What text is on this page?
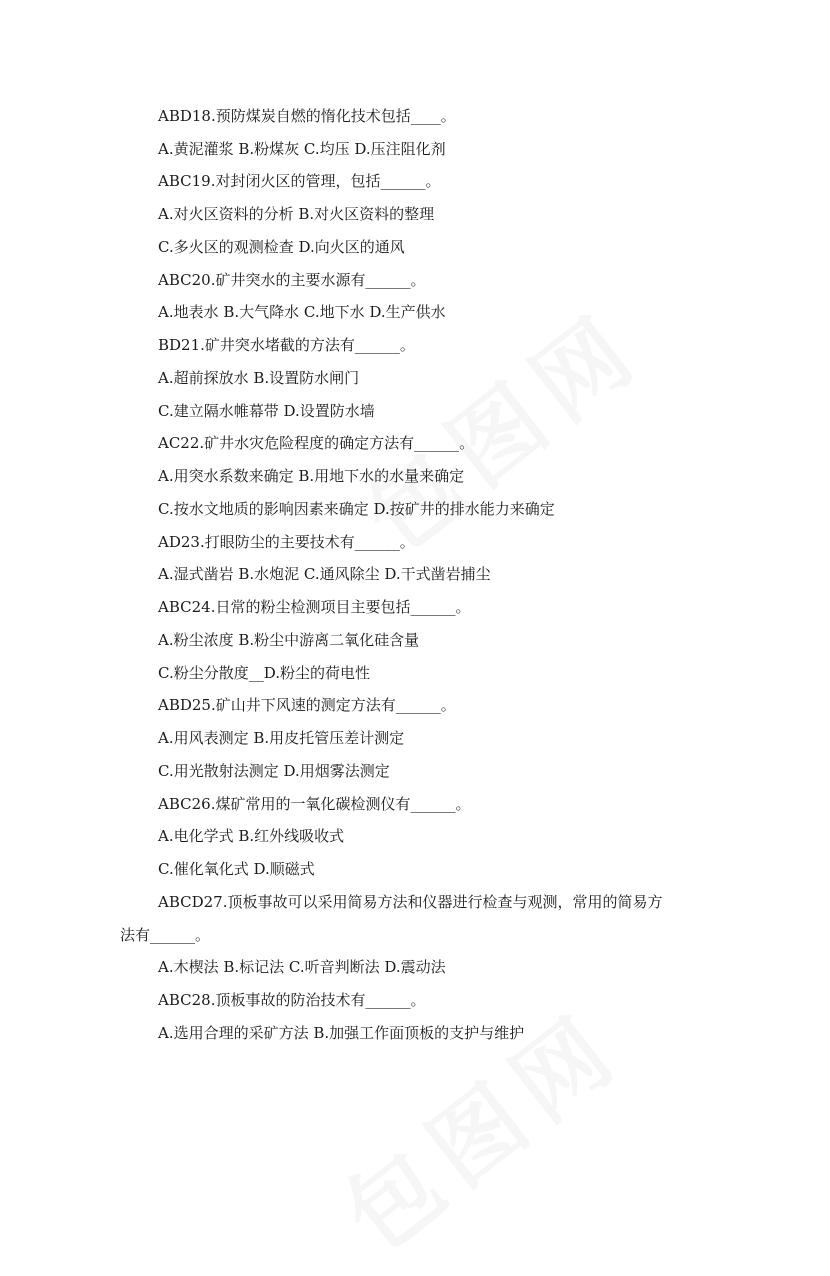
ABD18.预防煤炭自燃的惰化技术包括____。
A.黄泥灌浆 B.粉煤灰 C.均压 D.压注阻化剂
ABC19.对封闭火区的管理，包括______。
A.对火区资料的分析 B.对火区资料的整理
C.多火区的观测检查 D.向火区的通风
ABC20.矿井突水的主要水源有______。
A.地表水 B.大气降水 C.地下水 D.生产供水
BD21.矿井突水堵截的方法有______。
A.超前探放水 B.设置防水闸门
C.建立隔水帷幕带 D.设置防水墙
AC22.矿井水灾危险程度的确定方法有______。
A.用突水系数来确定 B.用地下水的水量来确定
C.按水文地质的影响因素来确定 D.按矿井的排水能力来确定
AD23.打眼防尘的主要技术有______。
A.湿式凿岩 B.水炮泥 C.通风除尘 D.干式凿岩捕尘
ABC24.日常的粉尘检测项目主要包括______。
A.粉尘浓度 B.粉尘中游离二氧化硅含量
C.粉尘分散度__D.粉尘的荷电性
ABD25.矿山井下风速的测定方法有______。
A.用风表测定 B.用皮托管压差计测定
C.用光散射法测定 D.用烟雾法测定
ABC26.煤矿常用的一氧化碳检测仪有______。
A.电化学式 B.红外线吸收式
C.催化氧化式 D.顺磁式
ABCD27.顶板事故可以采用简易方法和仪器进行检查与观测，常用的简易方
法有______。
A.木楔法 B.标记法 C.听音判断法 D.震动法
ABC28.顶板事故的防治技术有______。
A.选用合理的采矿方法 B.加强工作面顶板的支护与维护
